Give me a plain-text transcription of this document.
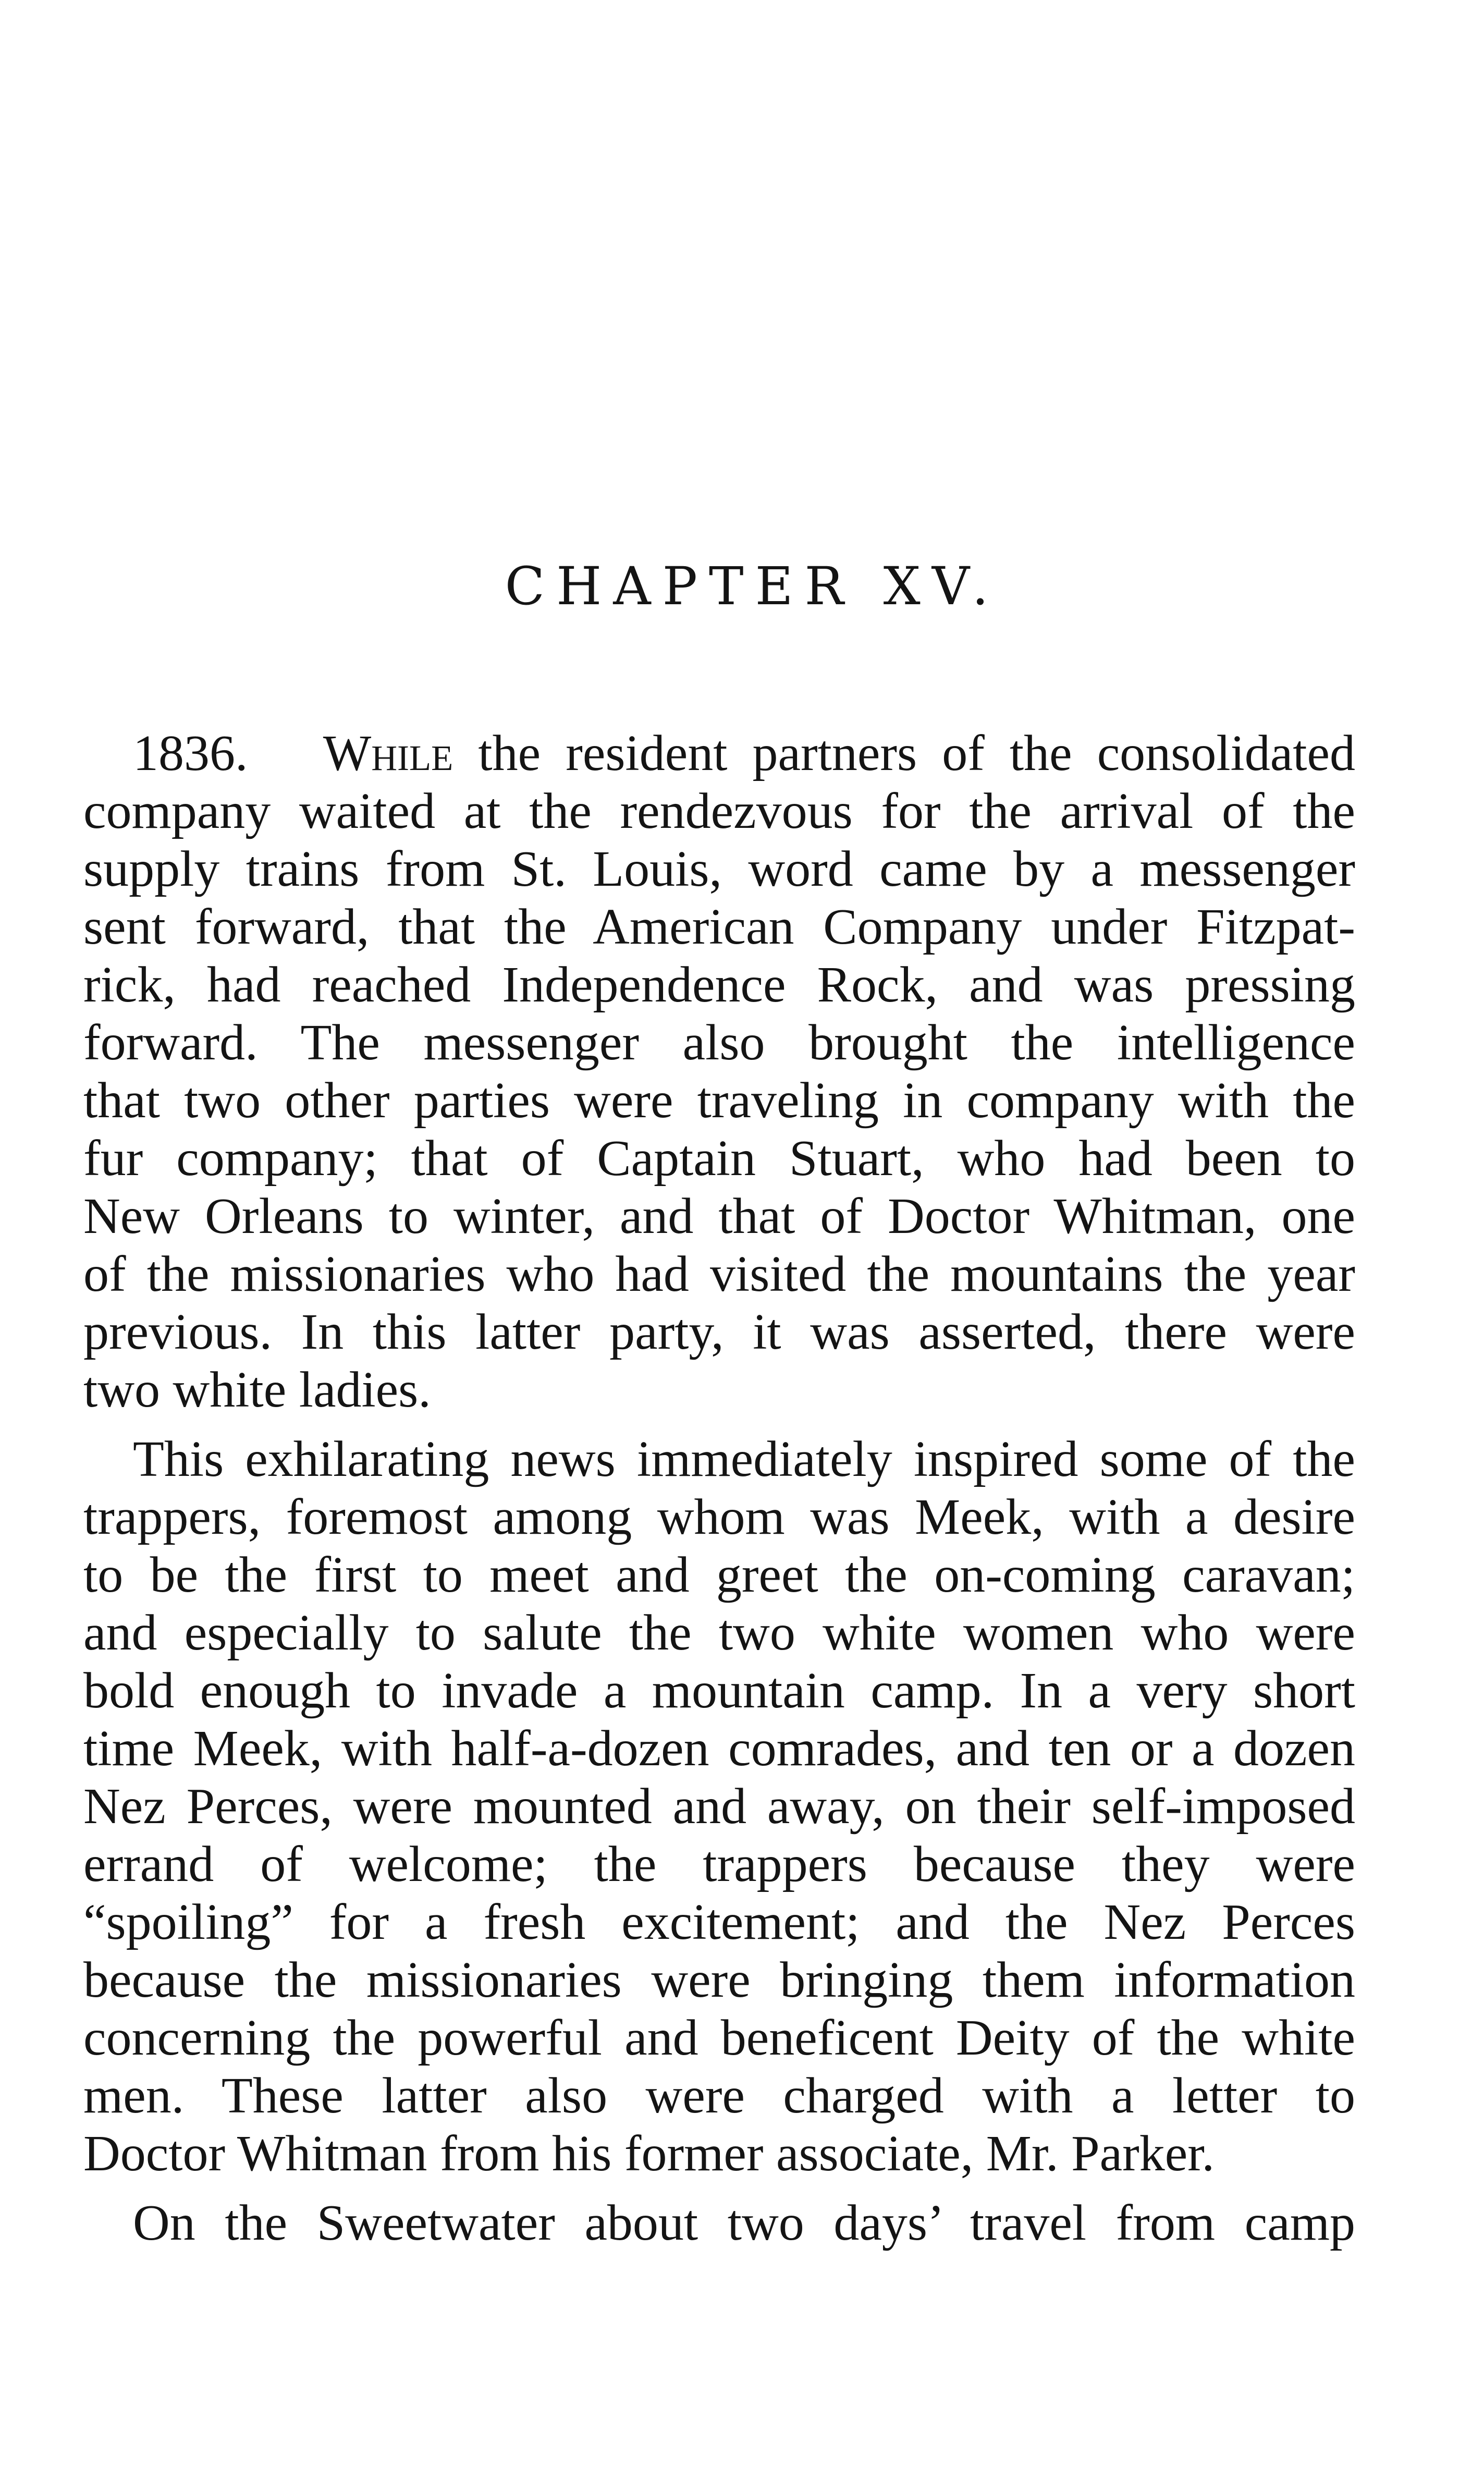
CHAPTER XV.
1836. While the resident partners of the consolidated
company waited at the rendezvous for the arrival of the
supply trains from St. Louis, word came by a messenger
sent forward, that the American Company under Fitzpat-
rick, had reached Independence Rock, and was pressing
forward. The messenger also brought the intelligence
that two other parties were traveling in company with the
fur company; that of Captain Stuart, who had been to
New Orleans to winter, and that of Doctor Whitman, one
of the missionaries who had visited the mountains the year
previous. In this latter party, it was asserted, there were
two white ladies.
This exhilarating news immediately inspired some of the
trappers, foremost among whom was Meek, with a desire
to be the first to meet and greet the on-coming caravan;
and especially to salute the two white women who were
bold enough to invade a mountain camp. In a very short
time Meek, with half-a-dozen comrades, and ten or a dozen
Nez Perces, were mounted and away, on their self-imposed
errand of welcome; the trappers because they were
“spoiling” for a fresh excitement; and the Nez Perces
because the missionaries were bringing them information
concerning the powerful and beneficent Deity of the white
men. These latter also were charged with a letter to
Doctor Whitman from his former associate, Mr. Parker.
On the Sweetwater about two days’ travel from camp
